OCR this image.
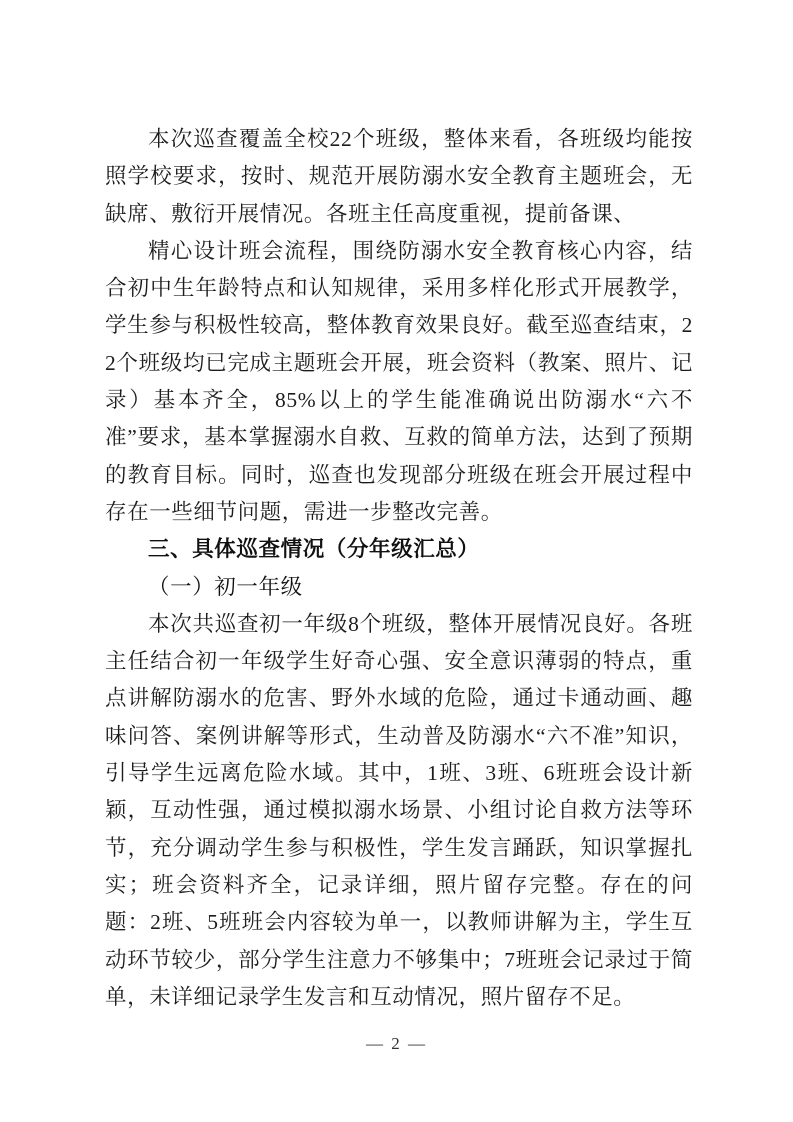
本次巡查覆盖全校22个班级，整体来看，各班级均能按照学校要求，按时、规范开展防溺水安全教育主题班会，无缺席、敷衍开展情况。各班主任高度重视，提前备课、

精心设计班会流程，围绕防溺水安全教育核心内容，结合初中生年龄特点和认知规律，采用多样化形式开展教学，学生参与积极性较高，整体教育效果良好。截至巡查结束，22个班级均已完成主题班会开展，班会资料（教案、照片、记录）基本齐全，85%以上的学生能准确说出防溺水“六不准”要求，基本掌握溺水自救、互救的简单方法，达到了预期的教育目标。同时，巡查也发现部分班级在班会开展过程中存在一些细节问题，需进一步整改完善。

三、具体巡查情况（分年级汇总）
（一）初一年级

本次共巡查初一年级8个班级，整体开展情况良好。各班主任结合初一年级学生好奇心强、安全意识薄弱的特点，重点讲解防溺水的危害、野外水域的危险，通过卡通动画、趣味问答、案例讲解等形式，生动普及防溺水“六不准”知识，引导学生远离危险水域。其中，1班、3班、6班班会设计新颖，互动性强，通过模拟溺水场景、小组讨论自救方法等环节，充分调动学生参与积极性，学生发言踊跃，知识掌握扎实；班会资料齐全，记录详细，照片留存完整。存在的问题：2班、5班班会内容较为单一，以教师讲解为主，学生互动环节较少，部分学生注意力不够集中；7班班会记录过于简单，未详细记录学生发言和互动情况，照片留存不足。

— 2 —
